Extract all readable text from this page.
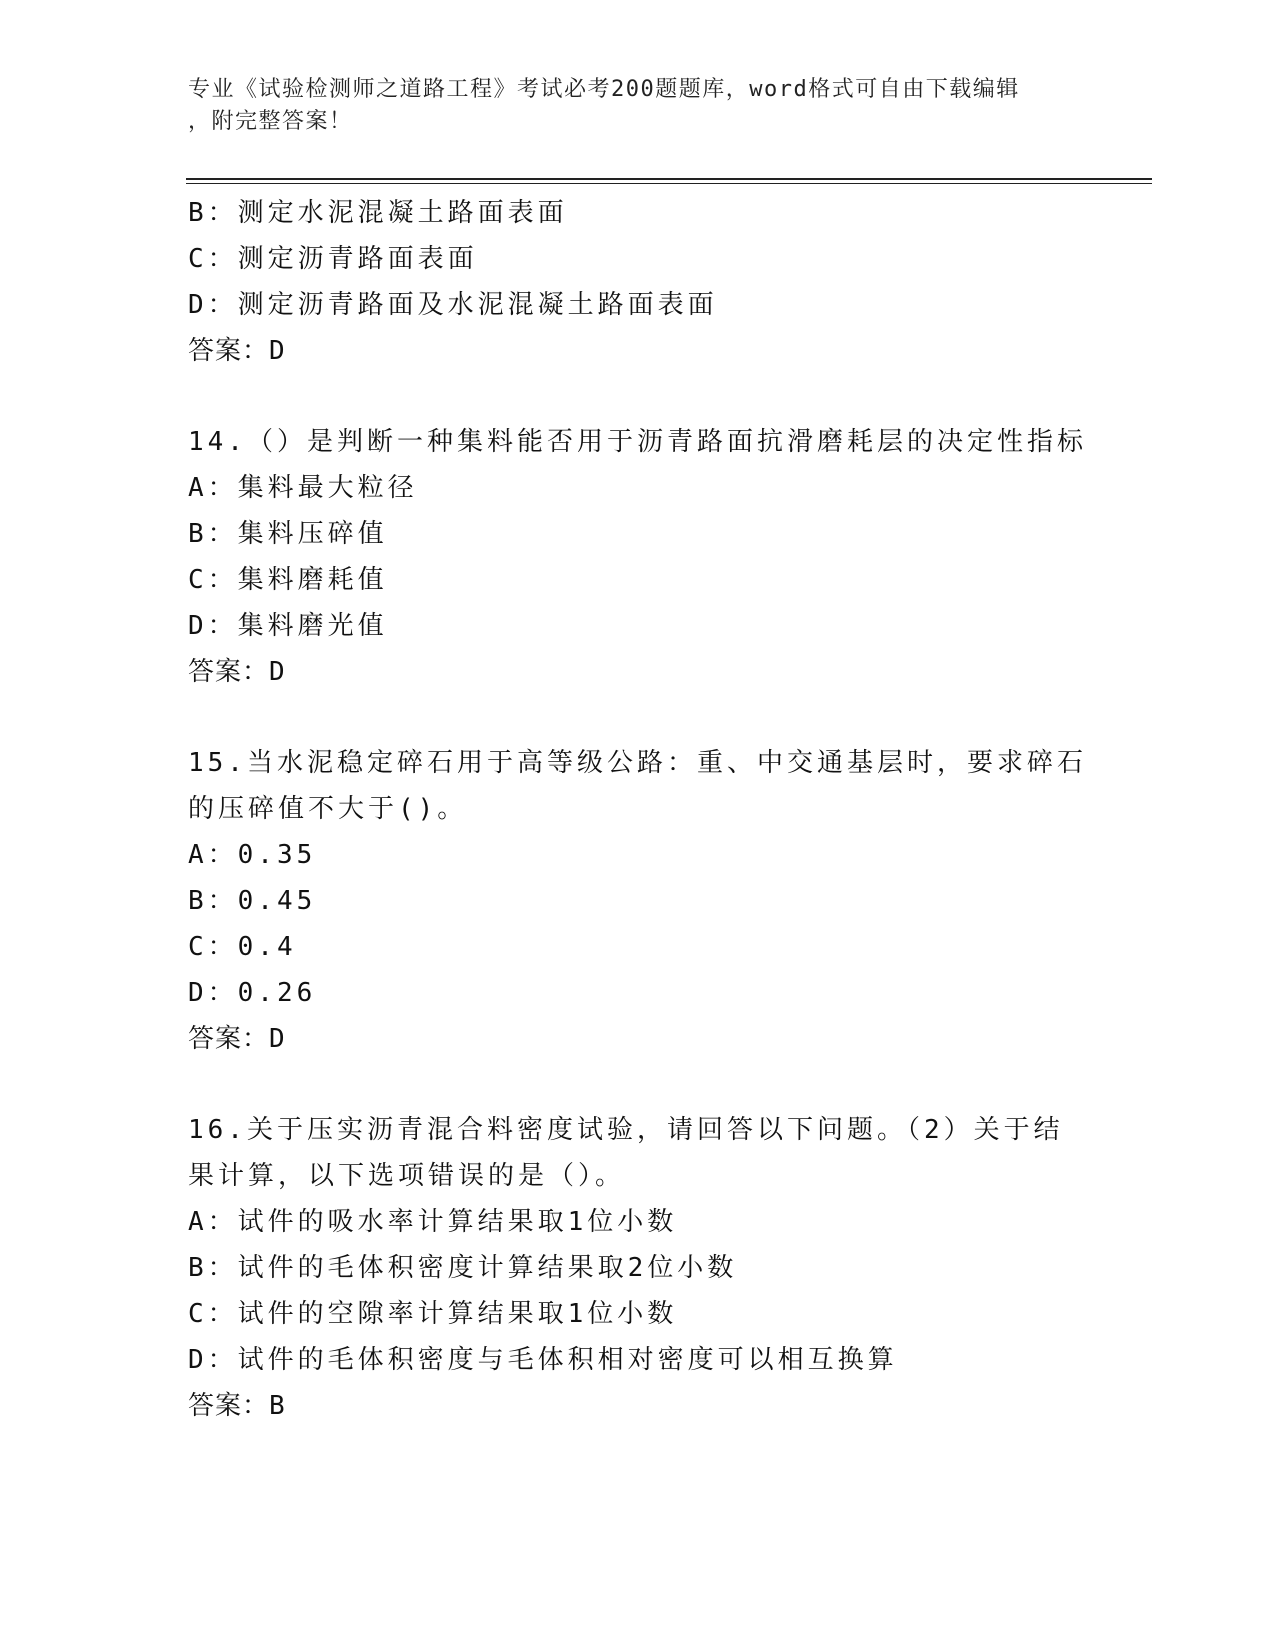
专业《试验检测师之道路工程》考试必考200题题库，word格式可自由下载编辑
，附完整答案！
B：测定水泥混凝土路面表面
C：测定沥青路面表面
D：测定沥青路面及水泥混凝土路面表面
答案：D
14.（）是判断一种集料能否用于沥青路面抗滑磨耗层的决定性指标
A：集料最大粒径
B：集料压碎值
C：集料磨耗值
D：集料磨光值
答案：D
15.当水泥稳定碎石用于高等级公路：重、中交通基层时，要求碎石的压碎值不大于()。
A：0.35
B：0.45
C：0.4
D：0.26
答案：D
16.关于压实沥青混合料密度试验，请回答以下问题。（2）关于结果计算，以下选项错误的是（）。
A：试件的吸水率计算结果取1位小数
B：试件的毛体积密度计算结果取2位小数
C：试件的空隙率计算结果取1位小数
D：试件的毛体积密度与毛体积相对密度可以相互换算
答案：B
